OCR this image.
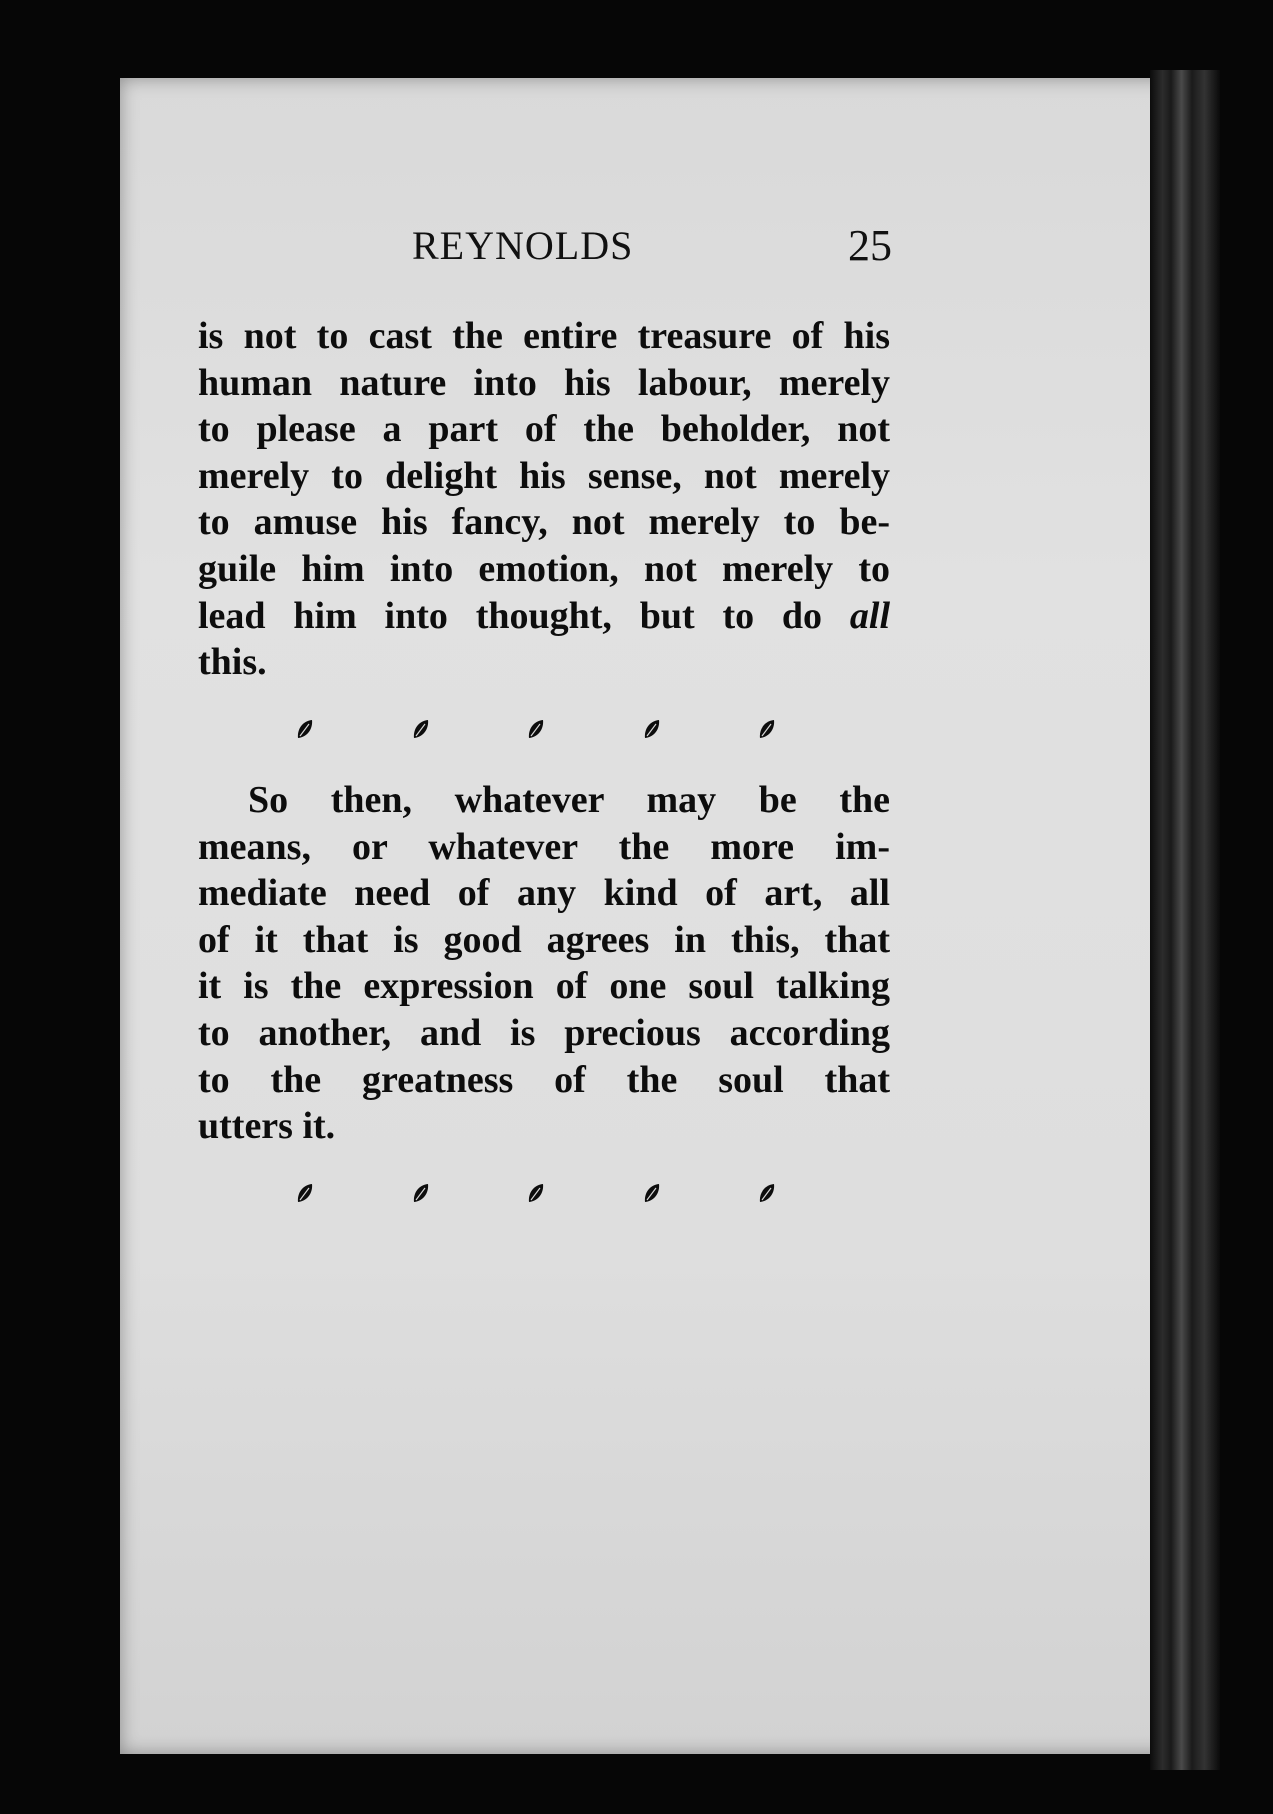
REYNOLDS	25
is not to cast the entire treasure of his
human nature into his labour, merely
to please a part of the beholder, not
merely to delight his sense, not merely
to amuse his fancy, not merely to be-
guile him into emotion, not merely to
lead him into thought, but to do all
this.
So then, whatever may be the
means, or whatever the more im-
mediate need of any kind of art, all
of it that is good agrees in this, that
it is the expression of one soul talking
to another, and is precious according
to the greatness of the soul that
utters it.
